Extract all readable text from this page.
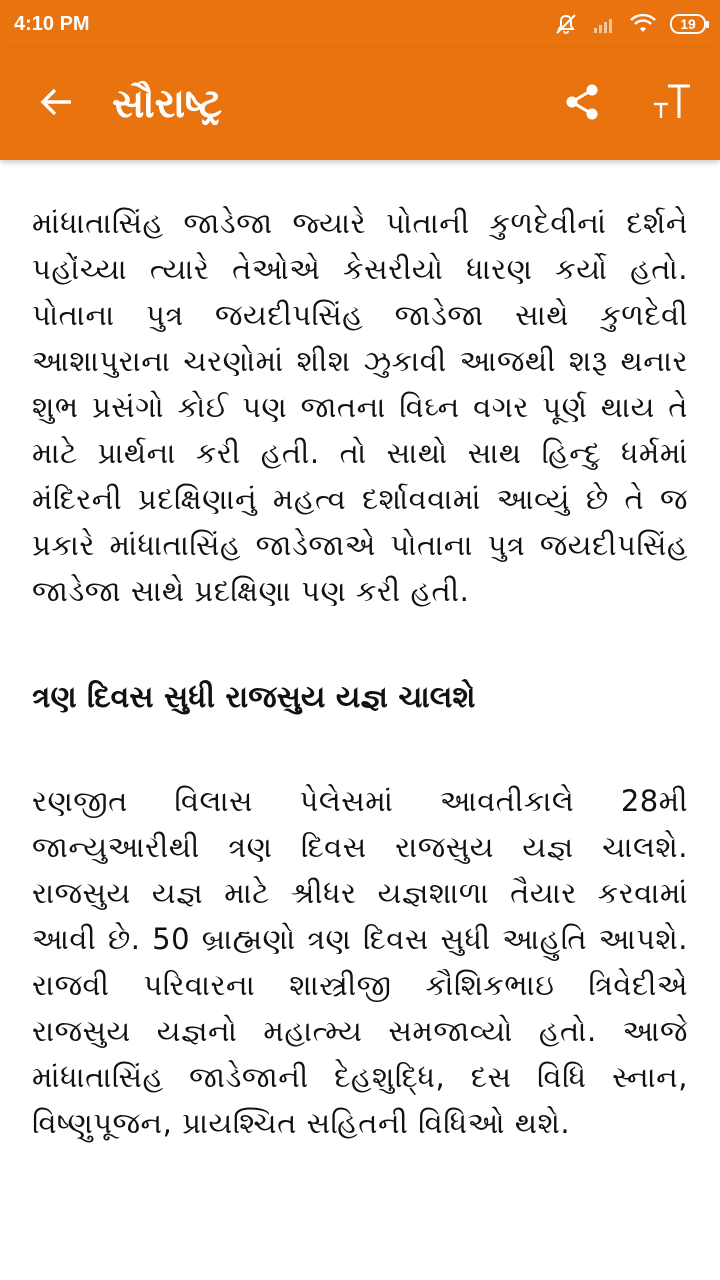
4:10 PM	19
સૌરાષ્ટ્ર

માંધાતાસિંહ જાડેજા જ્યારે પોતાની કુળદેવીનાં દર્શને પહોંચ્યા ત્યારે તેઓએ કેસરીયો ધારણ કર્યો હતો. પોતાના પુત્ર જયદીપસિંહ જાડેજા સાથે કુળદેવી આશાપુરાના ચરણોમાં શીશ ઝુકાવી આજથી શરૂ થનાર શુભ પ્રસંગો કોઈ પણ જાતના વિઘ્ન વગર પૂર્ણ થાય તે માટે પ્રાર્થના કરી હતી. તો સાથો સાથ હિન્દુ ધર્મમાં મંદિરની પ્રદક્ષિણાનું મહત્વ દર્શાવવામાં આવ્યું છે તે જ પ્રકારે માંધાતાસિંહ જાડેજાએ પોતાના પુત્ર જયદીપસિંહ જાડેજા સાથે પ્રદક્ષિણા પણ કરી હતી.

ત્રણ દિવસ સુધી રાજસુય યજ્ઞ ચાલશે

રણજીત વિલાસ પેલેસમાં આવતીકાલે 28મી જાન્યુઆરીથી ત્રણ દિવસ રાજસુય યજ્ઞ ચાલશે. રાજસુય યજ્ઞ માટે શ્રીધર યજ્ઞશાળા તૈયાર કરવામાં આવી છે. 50 બ્રાહ્મણો ત્રણ દિવસ સુધી આહુતિ આપશે. રાજવી પરિવારના શાસ્ત્રીજી કૌશિકભાઇ ત્રિવેદીએ રાજસુય યજ્ઞનો મહાત્મ્ય સમજાવ્યો હતો. આજે માંધાતાસિંહ જાડેજાની દેહશુદ્ધિ, દસ વિધિ સ્નાન, વિષ્ણુપૂજન, પ્રાયશ્ચિત સહિતની વિધિઓ થશે.
